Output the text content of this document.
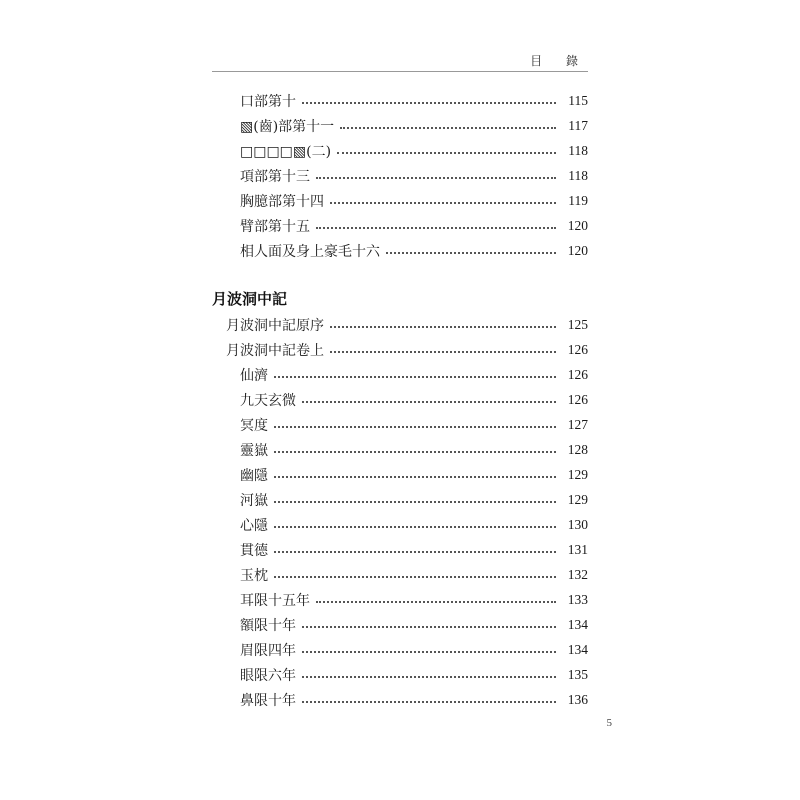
目 錄
口部第十	115
▧(齒)部第十一	117
□□□□▧(二)	118
項部第十三	118
胸臆部第十四	119
臂部第十五	120
相人面及身上豪毛十六	120
月波洞中記
月波洞中記原序	125
月波洞中記卷上	126
仙濟	126
九天玄微	126
冥度	127
靈嶽	128
幽隱	129
河嶽	129
心隱	130
貫德	131
玉枕	132
耳限十五年	133
額限十年	134
眉限四年	134
眼限六年	135
鼻限十年	136
5
